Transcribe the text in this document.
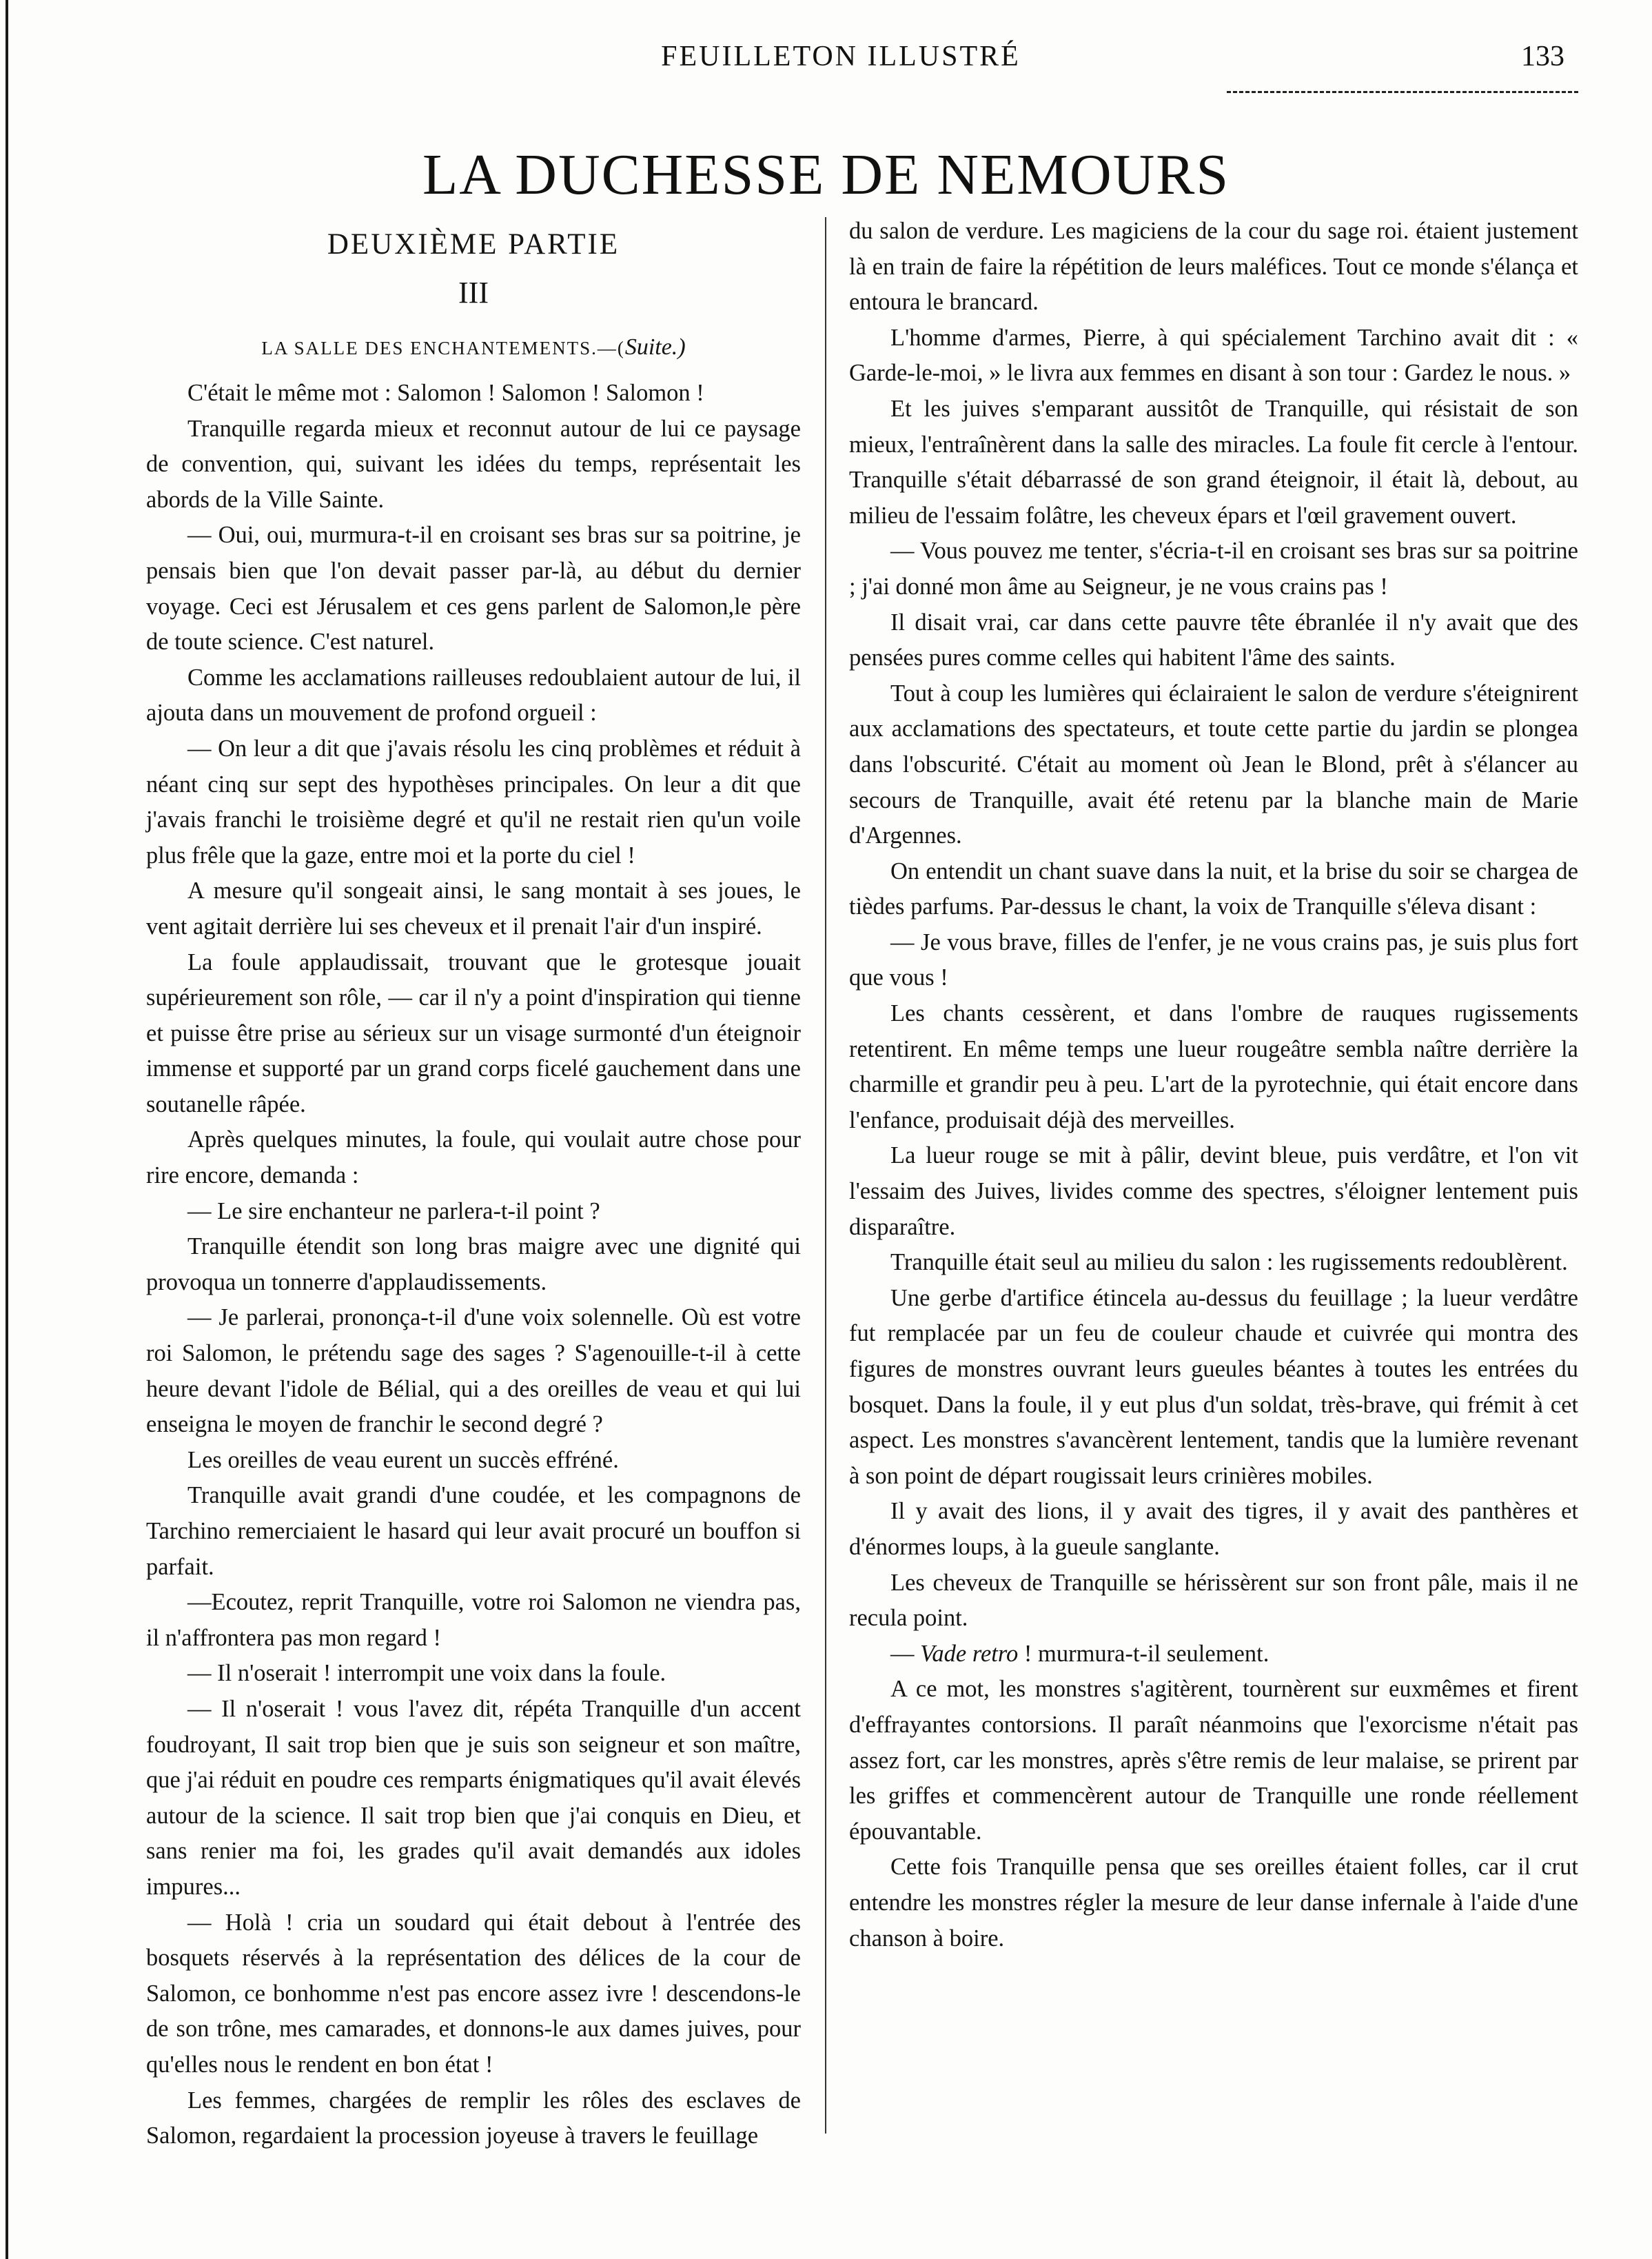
FEUILLETON ILLUSTRÉ	133
LA DUCHESSE DE NEMOURS
DEUXIÈME PARTIE
III
LA SALLE DES ENCHANTEMENTS.—(Suite.)

C'était le même mot : Salomon ! Salomon ! Salomon !

Tranquille regarda mieux et reconnut autour de lui ce paysage de convention, qui, suivant les idées du temps, représentait les abords de la Ville Sainte.

— Oui, oui, murmura-t-il en croisant ses bras sur sa poitrine, je pensais bien que l'on devait passer par-là, au début du dernier voyage. Ceci est Jérusalem et ces gens parlent de Salomon,le père de toute science. C'est naturel.

Comme les acclamations railleuses redoublaient autour de lui, il ajouta dans un mouvement de profond orgueil :

— On leur a dit que j'avais résolu les cinq problèmes et réduit à néant cinq sur sept des hypothèses principales. On leur a dit que j'avais franchi le troisième degré et qu'il ne restait rien qu'un voile plus frêle que la gaze, entre moi et la porte du ciel !

A mesure qu'il songeait ainsi, le sang montait à ses joues, le vent agitait derrière lui ses cheveux et il prenait l'air d'un inspiré.

La foule applaudissait, trouvant que le grotesque jouait supérieurement son rôle, — car il n'y a point d'inspiration qui tienne et puisse être prise au sérieux sur un visage surmonté d'un éteignoir immense et supporté par un grand corps ficelé gauchement dans une soutanelle râpée.

Après quelques minutes, la foule, qui voulait autre chose pour rire encore, demanda :

— Le sire enchanteur ne parlera-t-il point ?

Tranquille étendit son long bras maigre avec une dignité qui provoqua un tonnerre d'applaudissements.

— Je parlerai, prononça-t-il d'une voix solennelle. Où est votre roi Salomon, le prétendu sage des sages ? S'agenouille-t-il à cette heure devant l'idole de Bélial, qui a des oreilles de veau et qui lui enseigna le moyen de franchir le second degré ?

Les oreilles de veau eurent un succès effréné.

Tranquille avait grandi d'une coudée, et les compagnons de Tarchino remerciaient le hasard qui leur avait procuré un bouffon si parfait.

—Ecoutez, reprit Tranquille, votre roi Salomon ne viendra pas, il n'affrontera pas mon regard !

— Il n'oserait ! interrompit une voix dans la foule.

— Il n'oserait ! vous l'avez dit, répéta Tranquille d'un accent foudroyant, Il sait trop bien que je suis son seigneur et son maître, que j'ai réduit en poudre ces remparts énigmatiques qu'il avait élevés autour de la science. Il sait trop bien que j'ai conquis en Dieu, et sans renier ma foi, les grades qu'il avait demandés aux idoles impures...

— Holà ! cria un soudard qui était debout à l'entrée des bosquets réservés à la représentation des délices de la cour de Salomon, ce bonhomme n'est pas encore assez ivre ! descendons-le de son trône, mes camarades, et donnons-le aux dames juives, pour qu'elles nous le rendent en bon état !

Les femmes, chargées de remplir les rôles des esclaves de Salomon, regardaient la procession joyeuse à travers le feuillage

du salon de verdure. Les magiciens de la cour du sage roi. étaient justement là en train de faire la répétition de leurs maléfices. Tout ce monde s'élança et entoura le brancard.

L'homme d'armes, Pierre, à qui spécialement Tarchino avait dit : « Garde-le-moi, » le livra aux femmes en disant à son tour : Gardez le nous. »

Et les juives s'emparant aussitôt de Tranquille, qui résistait de son mieux, l'entraînèrent dans la salle des miracles. La foule fit cercle à l'entour. Tranquille s'était débarrassé de son grand éteignoir, il était là, debout, au milieu de l'essaim folâtre, les cheveux épars et l'œil gravement ouvert.

— Vous pouvez me tenter, s'écria-t-il en croisant ses bras sur sa poitrine ; j'ai donné mon âme au Seigneur, je ne vous crains pas !

Il disait vrai, car dans cette pauvre tête ébranlée il n'y avait que des pensées pures comme celles qui habitent l'âme des saints.

Tout à coup les lumières qui éclairaient le salon de verdure s'éteignirent aux acclamations des spectateurs, et toute cette partie du jardin se plongea dans l'obscurité. C'était au moment où Jean le Blond, prêt à s'élancer au secours de Tranquille, avait été retenu par la blanche main de Marie d'Argennes.

On entendit un chant suave dans la nuit, et la brise du soir se chargea de tièdes parfums. Par-dessus le chant, la voix de Tranquille s'éleva disant :

— Je vous brave, filles de l'enfer, je ne vous crains pas, je suis plus fort que vous !

Les chants cessèrent, et dans l'ombre de rauques rugissements retentirent. En même temps une lueur rougeâtre sembla naître derrière la charmille et grandir peu à peu. L'art de la pyrotechnie, qui était encore dans l'enfance, produisait déjà des merveilles.

La lueur rouge se mit à pâlir, devint bleue, puis verdâtre, et l'on vit l'essaim des Juives, livides comme des spectres, s'éloigner lentement puis disparaître.

Tranquille était seul au milieu du salon : les rugissements redoublèrent.

Une gerbe d'artifice étincela au-dessus du feuillage ; la lueur verdâtre fut remplacée par un feu de couleur chaude et cuivrée qui montra des figures de monstres ouvrant leurs gueules béantes à toutes les entrées du bosquet. Dans la foule, il y eut plus d'un soldat, très-brave, qui frémit à cet aspect. Les monstres s'avancèrent lentement, tandis que la lumière revenant à son point de départ rougissait leurs crinières mobiles.

Il y avait des lions, il y avait des tigres, il y avait des panthères et d'énormes loups, à la gueule sanglante.

Les cheveux de Tranquille se hérissèrent sur son front pâle, mais il ne recula point.

— Vade retro ! murmura-t-il seulement.

A ce mot, les monstres s'agitèrent, tournèrent sur euxmêmes et firent d'effrayantes contorsions. Il paraît néanmoins que l'exorcisme n'était pas assez fort, car les monstres, après s'être remis de leur malaise, se prirent par les griffes et commencèrent autour de Tranquille une ronde réellement épouvantable.

Cette fois Tranquille pensa que ses oreilles étaient folles, car il crut entendre les monstres régler la mesure de leur danse infernale à l'aide d'une chanson à boire.
